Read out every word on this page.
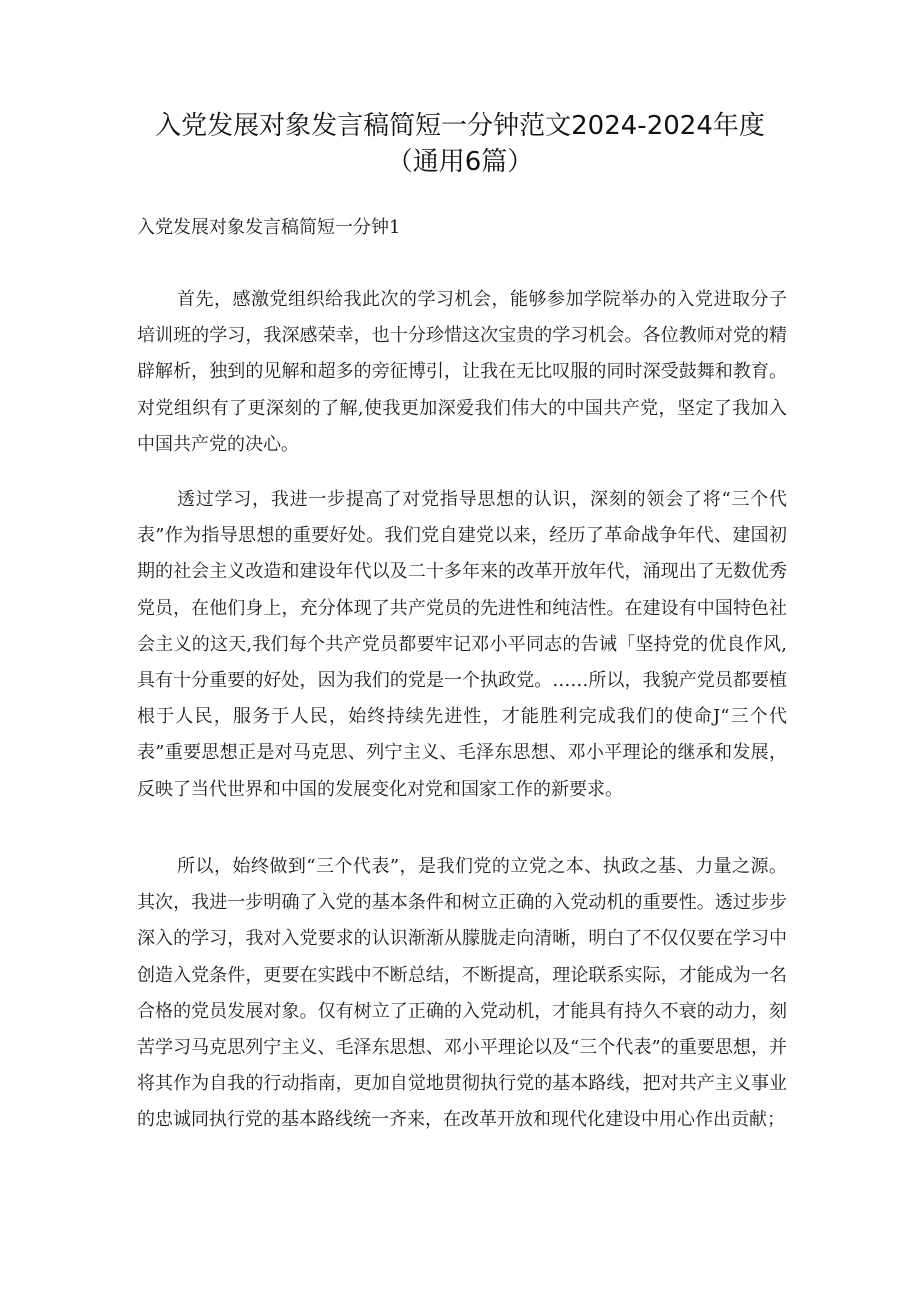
入党发展对象发言稿简短一分钟范文2024-2024年度
（通用6篇）
入党发展对象发言稿简短一分钟1

首先，感激党组织给我此次的学习机会，能够参加学院举办的入党进取分子培训班的学习，我深感荣幸，也十分珍惜这次宝贵的学习机会。各位教师对党的精辟解析，独到的见解和超多的旁征博引，让我在无比叹服的同时深受鼓舞和教育。对党组织有了更深刻的了解,使我更加深爱我们伟大的中国共产党，坚定了我加入中国共产党的决心。

透过学习，我进一步提高了对党指导思想的认识，深刻的领会了将“三个代表”作为指导思想的重要好处。我们党自建党以来，经历了革命战争年代、建国初期的社会主义改造和建设年代以及二十多年来的改革开放年代，涌现出了无数优秀党员，在他们身上，充分体现了共产党员的先进性和纯洁性。在建设有中国特色社会主义的这天,我们每个共产党员都要牢记邓小平同志的告诫「坚持党的优良作风,具有十分重要的好处，因为我们的党是一个执政党。……所以，我貌产党员都要植根于人民，服务于人民，始终持续先进性，才能胜利完成我们的使命J“三个代表”重要思想正是对马克思、列宁主义、毛泽东思想、邓小平理论的继承和发展，反映了当代世界和中国的发展变化对党和国家工作的新要求。

所以，始终做到“三个代表”，是我们党的立党之本、执政之基、力量之源。其次，我进一步明确了入党的基本条件和树立正确的入党动机的重要性。透过步步深入的学习，我对入党要求的认识渐渐从朦胧走向清晰，明白了不仅仅要在学习中创造入党条件，更要在实践中不断总结，不断提高，理论联系实际，才能成为一名合格的党员发展对象。仅有树立了正确的入党动机，才能具有持久不衰的动力，刻苦学习马克思列宁主义、毛泽东思想、邓小平理论以及“三个代表”的重要思想，并将其作为自我的行动指南，更加自觉地贯彻执行党的基本路线，把对共产主义事业的忠诚同执行党的基本路线统一齐来，在改革开放和现代化建设中用心作出贡献；
